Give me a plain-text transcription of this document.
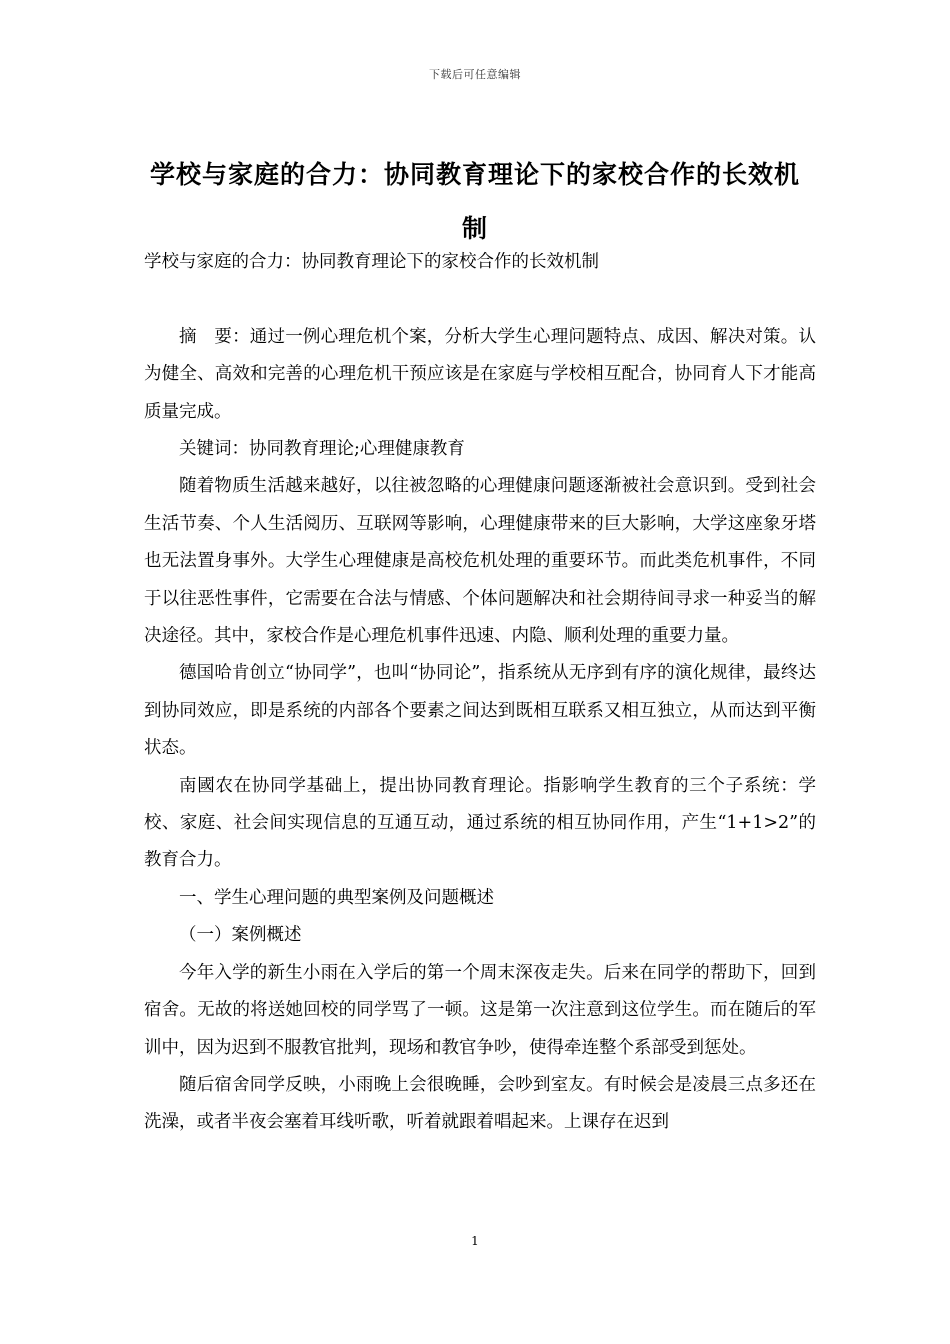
下载后可任意编辑
学校与家庭的合力：协同教育理论下的家校合作的长效机制

学校与家庭的合力：协同教育理论下的家校合作的长效机制

摘　要：通过一例心理危机个案，分析大学生心理问题特点、成因、解决对策。认为健全、高效和完善的心理危机干预应该是在家庭与学校相互配合，协同育人下才能高质量完成。

关键词：协同教育理论;心理健康教育

随着物质生活越来越好，以往被忽略的心理健康问题逐渐被社会意识到。受到社会生活节奏、个人生活阅历、互联网等影响，心理健康带来的巨大影响，大学这座象牙塔也无法置身事外。大学生心理健康是高校危机处理的重要环节。而此类危机事件，不同于以往恶性事件，它需要在合法与情感、个体问题解决和社会期待间寻求一种妥当的解决途径。其中，家校合作是心理危机事件迅速、内隐、顺利处理的重要力量。

德国哈肯创立“协同学”，也叫“协同论”，指系统从无序到有序的演化规律，最终达到协同效应，即是系统的内部各个要素之间达到既相互联系又相互独立，从而达到平衡状态。

南國农在协同学基础上，提出协同教育理论。指影响学生教育的三个子系统：学校、家庭、社会间实现信息的互通互动，通过系统的相互协同作用，产生“1+1>2”的教育合力。

一、学生心理问题的典型案例及问题概述

（一）案例概述

今年入学的新生小雨在入学后的第一个周末深夜走失。后来在同学的帮助下，回到宿舍。无故的将送她回校的同学骂了一顿。这是第一次注意到这位学生。而在随后的军训中，因为迟到不服教官批判，现场和教官争吵，使得牵连整个系部受到惩处。

随后宿舍同学反映，小雨晚上会很晚睡，会吵到室友。有时候会是凌晨三点多还在洗澡，或者半夜会塞着耳线听歌，听着就跟着唱起来。上课存在迟到

1
